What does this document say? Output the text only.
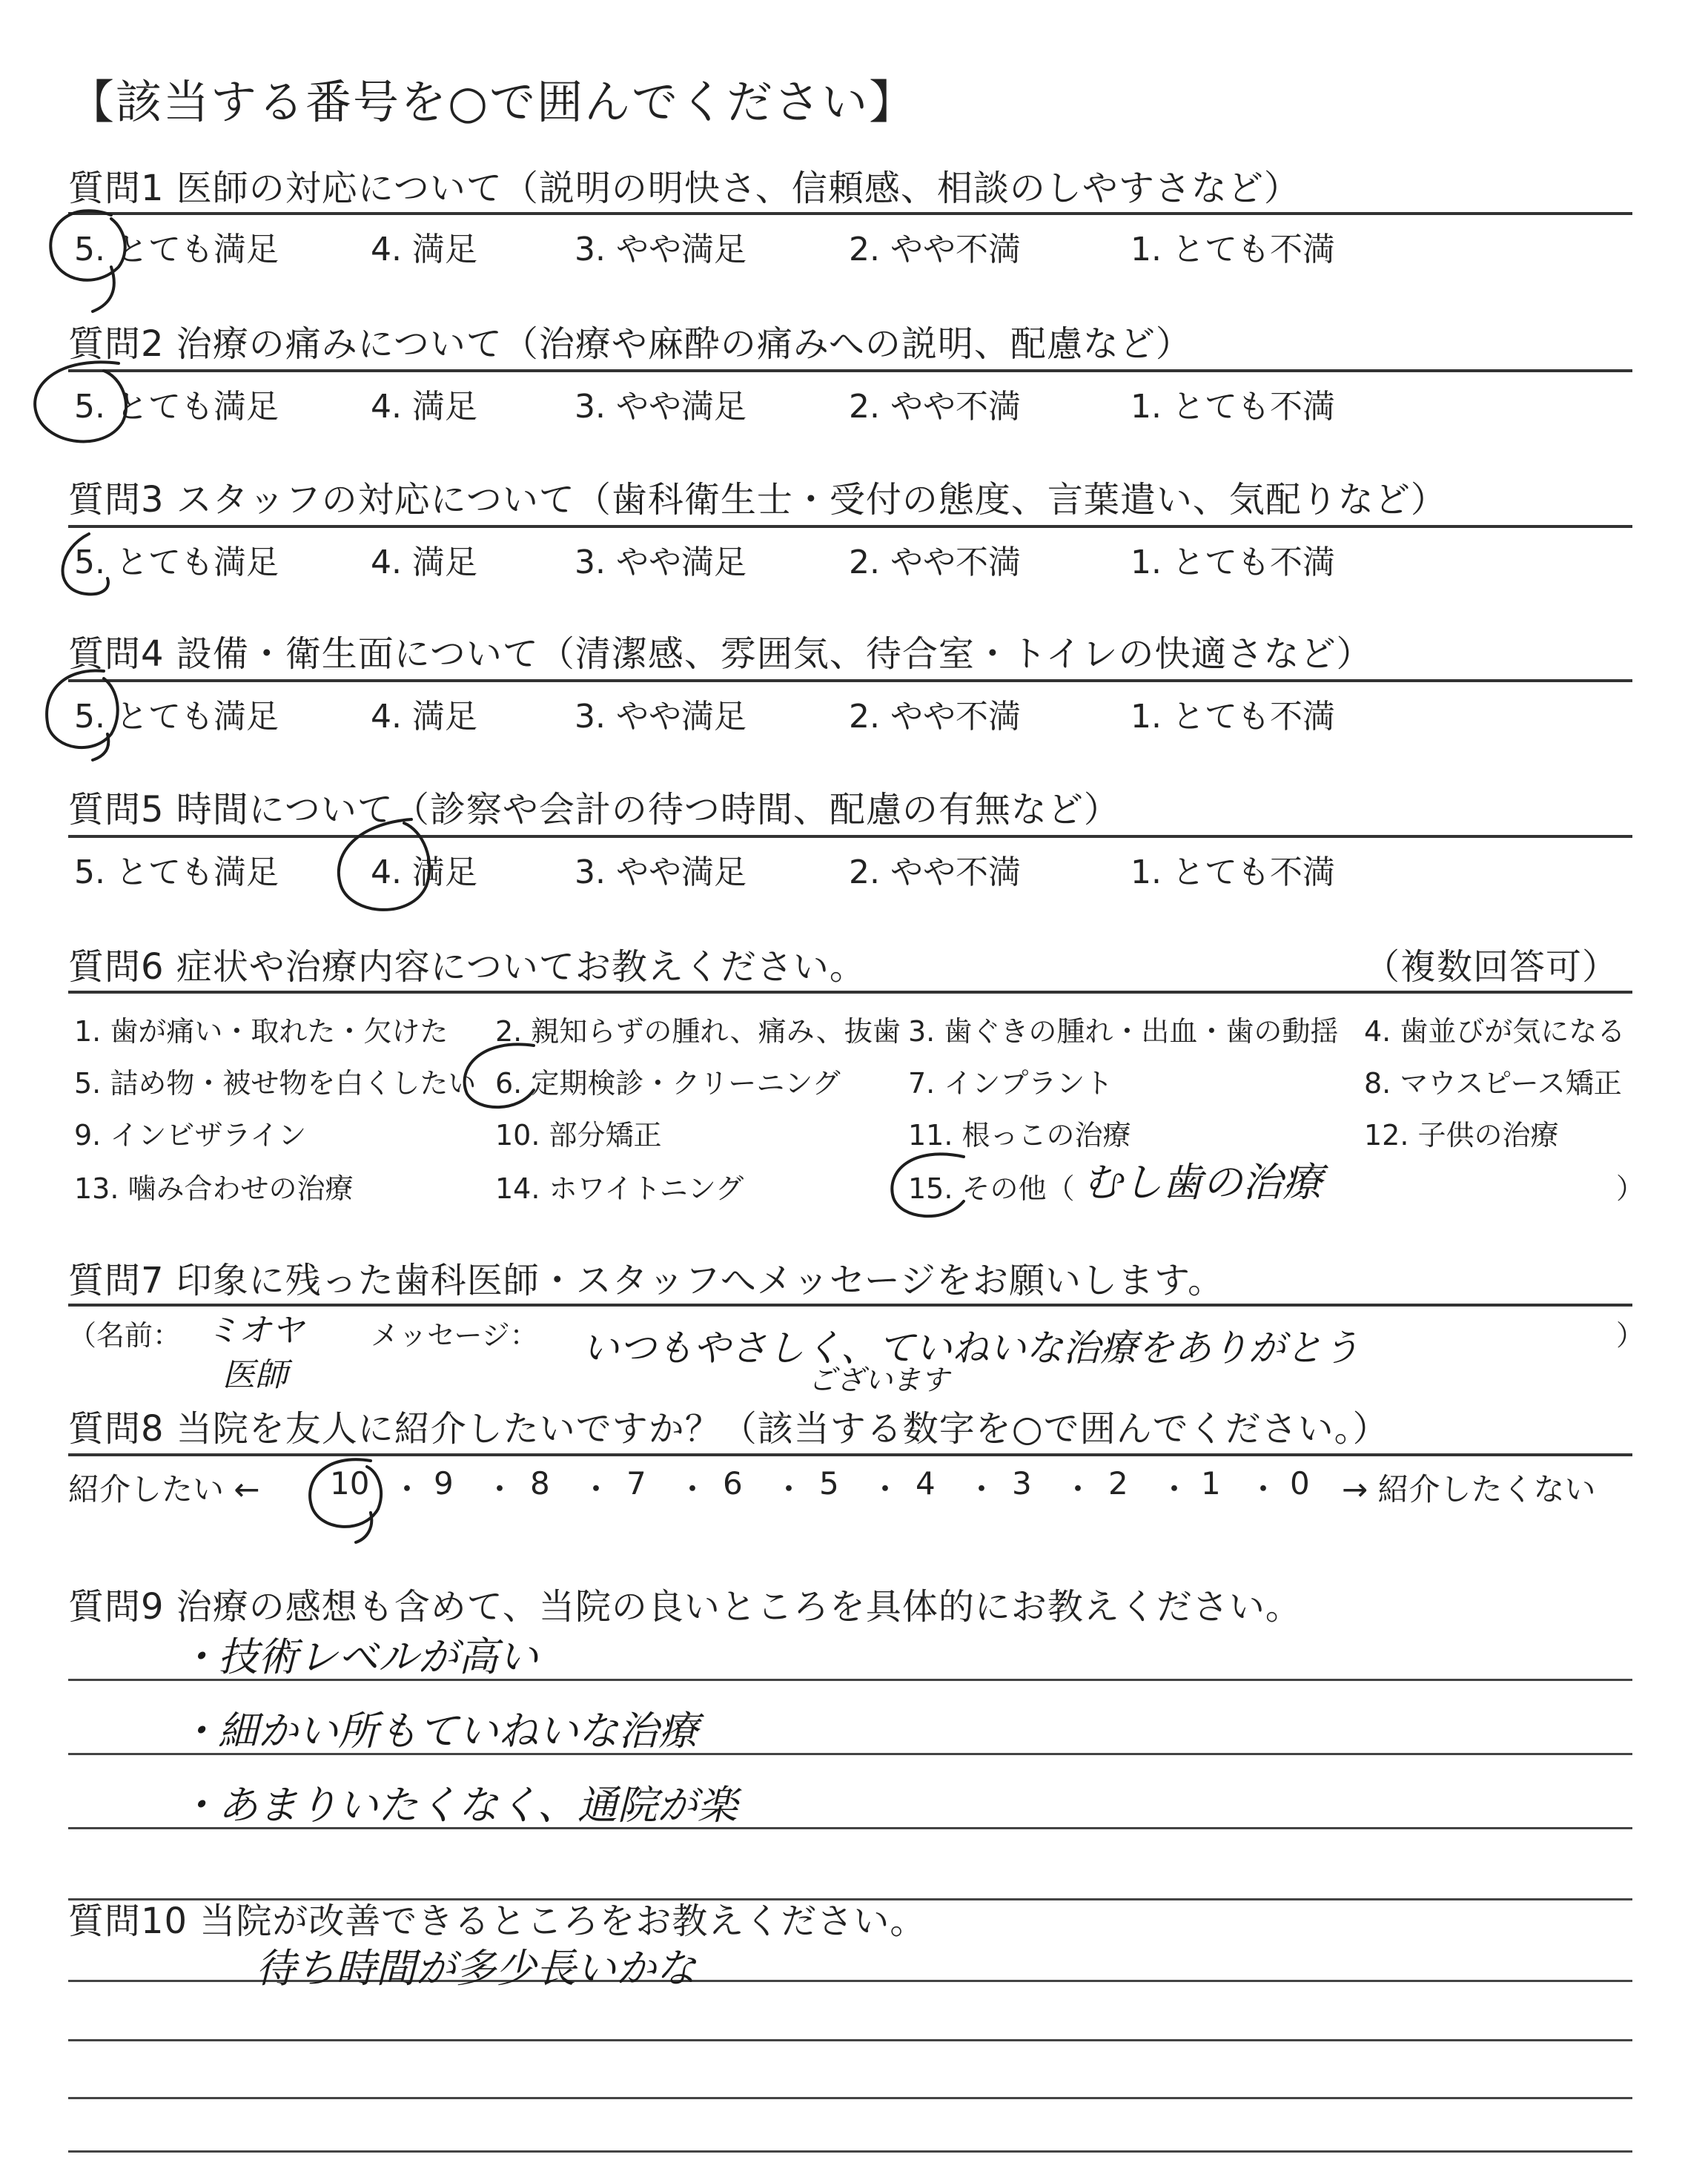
【該当する番号を○で囲んでください】
質問1 医師の対応について（説明の明快さ、信頼感、相談のしやすさなど）
5. とても満足	4. 満足	3. やや満足	2. やや不満	1. とても不満
質問2 治療の痛みについて（治療や麻酔の痛みへの説明、配慮など）
5. とても満足	4. 満足	3. やや満足	2. やや不満	1. とても不満
質問3 スタッフの対応について（歯科衛生士・受付の態度、言葉遣い、気配りなど）
5. とても満足	4. 満足	3. やや満足	2. やや不満	1. とても不満
質問4 設備・衛生面について（清潔感、雰囲気、待合室・トイレの快適さなど）
5. とても満足	4. 満足	3. やや満足	2. やや不満	1. とても不満
質問5 時間について（診察や会計の待つ時間、配慮の有無など）
5. とても満足	4. 満足	3. やや満足	2. やや不満	1. とても不満
質問6 症状や治療内容についてお教えください。	（複数回答可）
1. 歯が痛い・取れた・欠けた 2. 親知らずの腫れ、痛み、抜歯 3. 歯ぐきの腫れ・出血・歯の動揺 4. 歯並びが気になる
5. 詰め物・被せ物を白くしたい 6. 定期検診・クリーニング 7. インプラント	8. マウスピース矯正
9. インビザライン	10. 部分矯正	11. 根っこの治療	12. 子供の治療
13. 噛み合わせの治療	14. ホワイトニング	15. その他（ むし歯の治療	）
質問7 印象に残った歯科医師・スタッフへメッセージをお願いします。
（名前： ミオヤ
医師
メッセージ： いつもやさしく、ていねいな治療をありがとう
ございます
）
質問8 当院を友人に紹介したいですか？（該当する数字を○で囲んでください。）
紹介したい ← 10 ・ 9 ・ 8 ・ 7 ・ 6 ・ 5 ・ 4 ・ 3 ・ 2 ・ 1 ・ 0 → 紹介したくない
質問9 治療の感想も含めて、当院の良いところを具体的にお教えください。
・技術レベルが高い
・細かい所もていねいな治療
・あまりいたくなく、通院が楽
質問10 当院が改善できるところをお教えください。
待ち時間が多少長いかな
